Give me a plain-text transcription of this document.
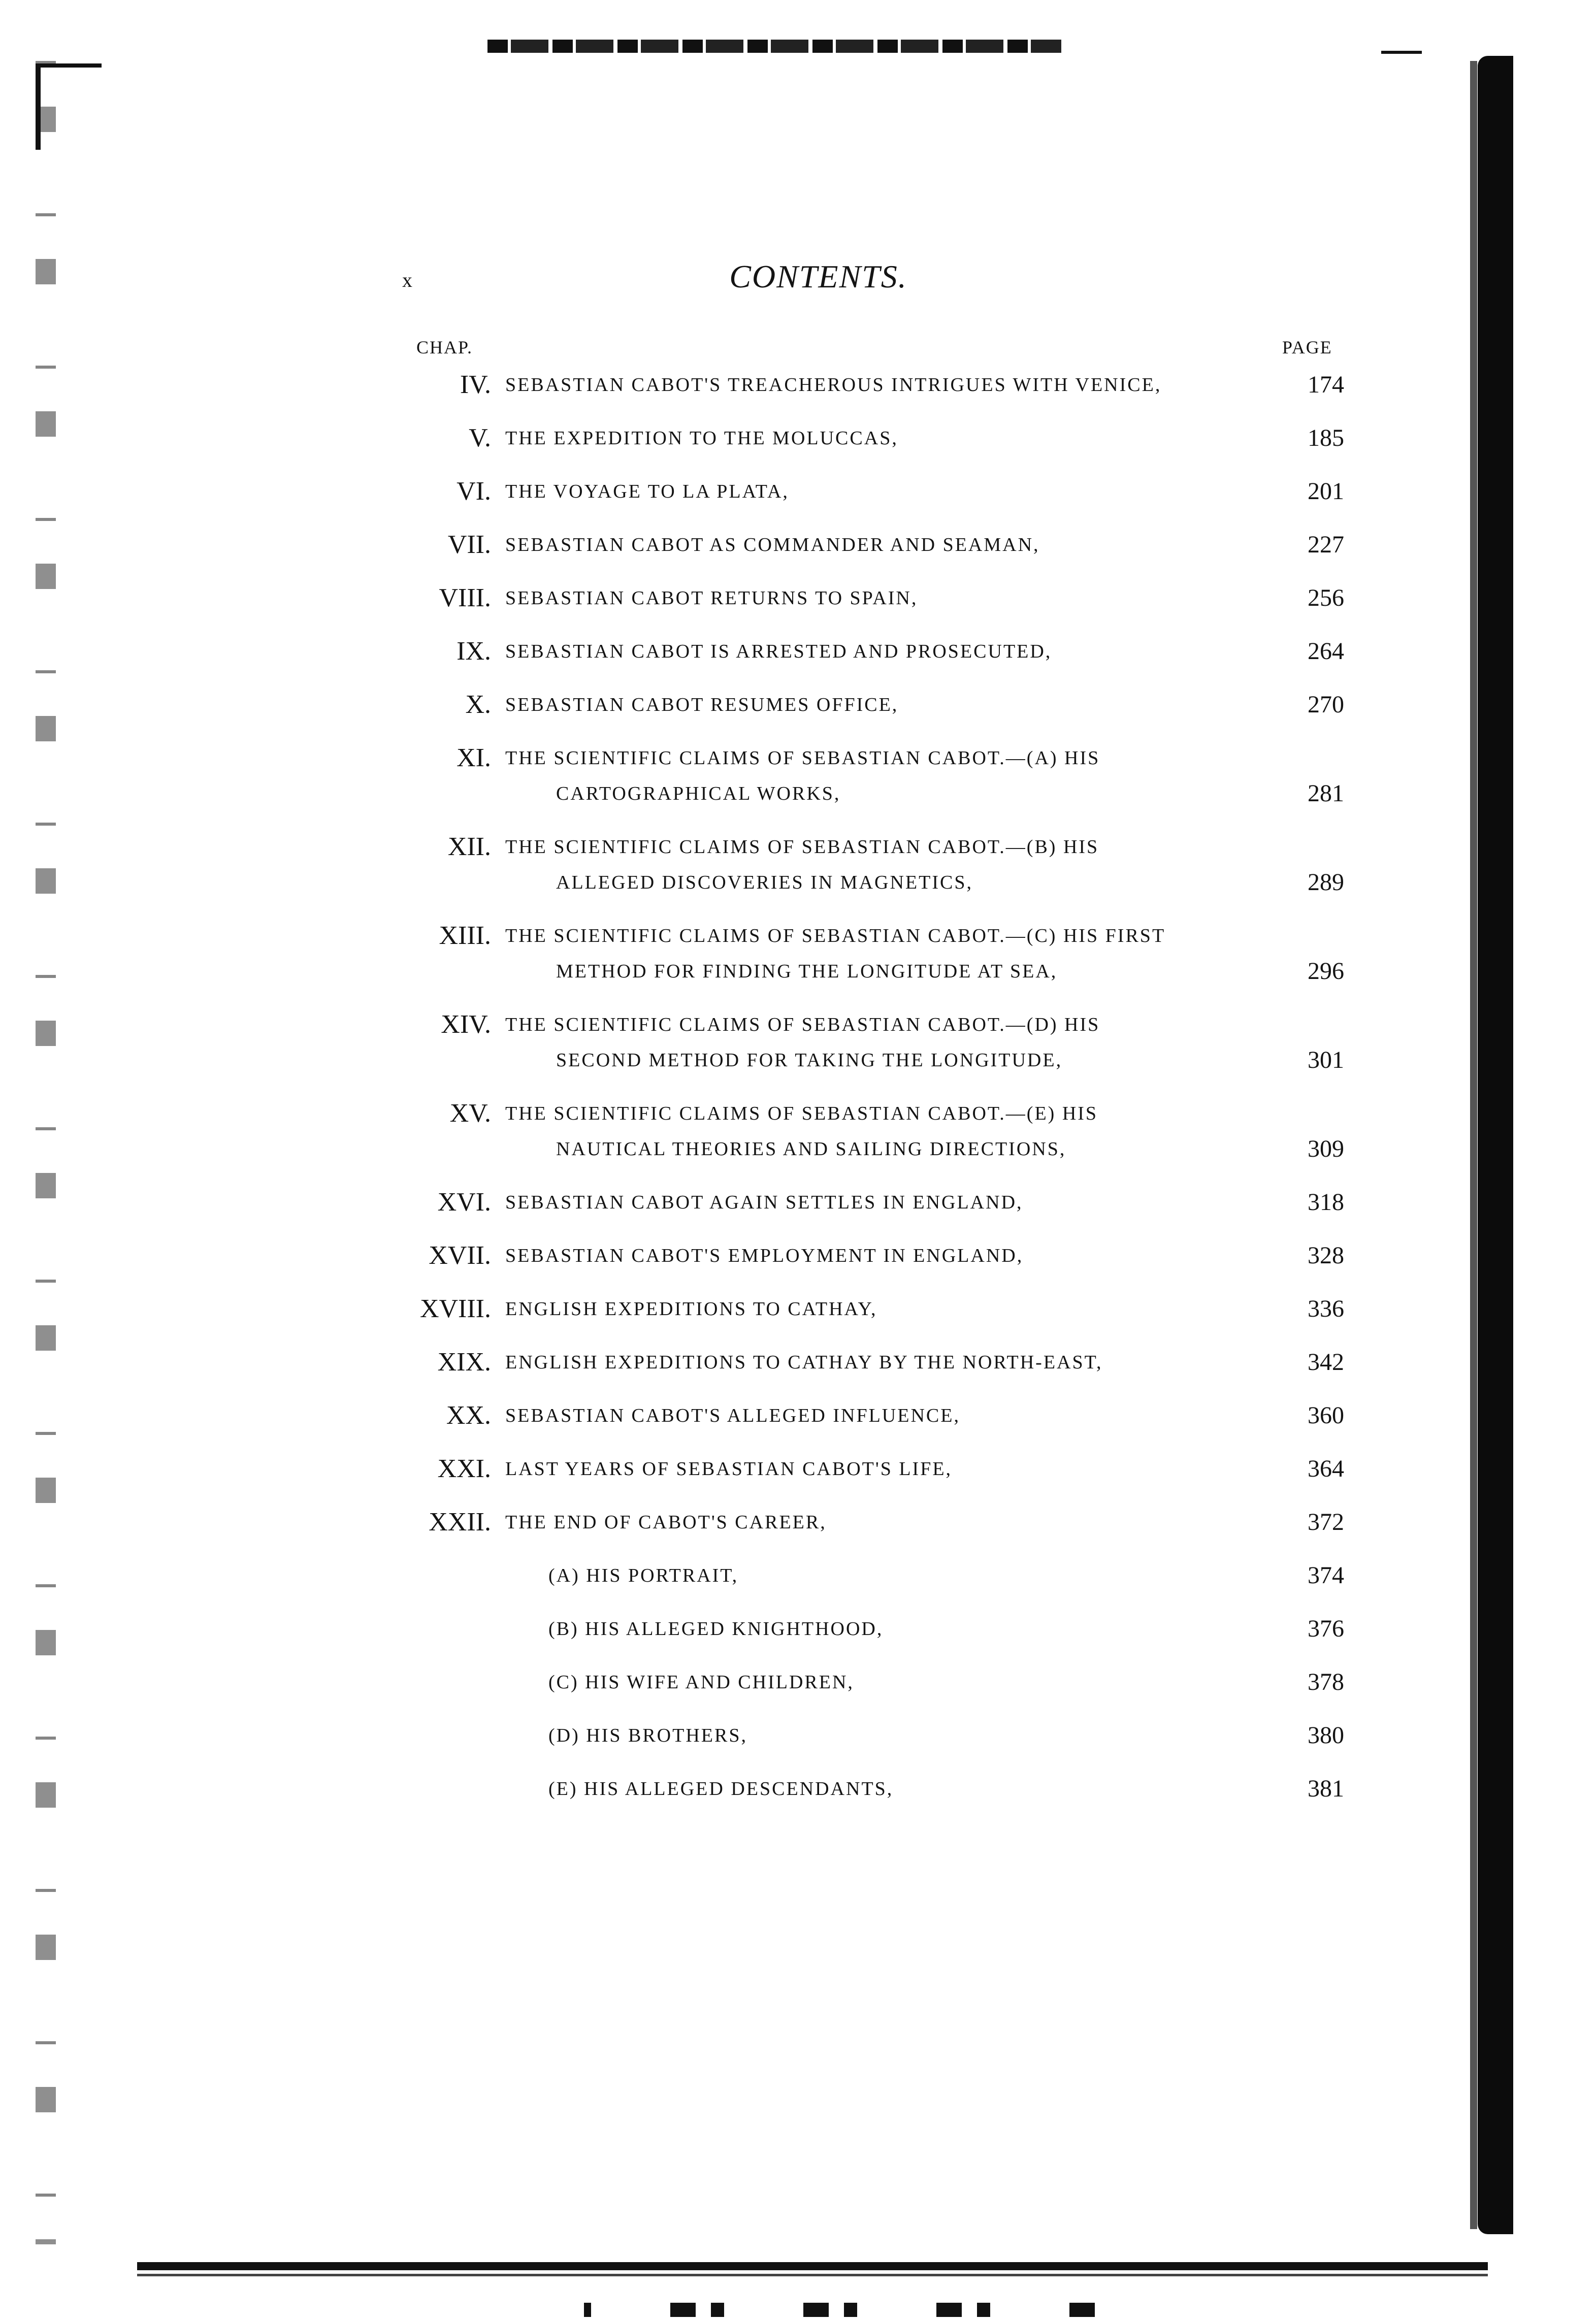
x	CONTENTS.
CHAP.	PAGE
IV. SEBASTIAN CABOT'S TREACHEROUS INTRIGUES WITH VENICE,	174
V. THE EXPEDITION TO THE MOLUCCAS,	185
VI. THE VOYAGE TO LA PLATA,	201
VII. SEBASTIAN CABOT AS COMMANDER AND SEAMAN,	227
VIII. SEBASTIAN CABOT RETURNS TO SPAIN,	256
IX. SEBASTIAN CABOT IS ARRESTED AND PROSECUTED,	264
X. SEBASTIAN CABOT RESUMES OFFICE,	270
XI. THE SCIENTIFIC CLAIMS OF SEBASTIAN CABOT.—(A) HIS
CARTOGRAPHICAL WORKS,	281
XII. THE SCIENTIFIC CLAIMS OF SEBASTIAN CABOT.—(B) HIS
ALLEGED DISCOVERIES IN MAGNETICS,	289
XIII. THE SCIENTIFIC CLAIMS OF SEBASTIAN CABOT.—(C) HIS FIRST
METHOD FOR FINDING THE LONGITUDE AT SEA,	296
XIV. THE SCIENTIFIC CLAIMS OF SEBASTIAN CABOT.—(D) HIS
SECOND METHOD FOR TAKING THE LONGITUDE,	301
XV. THE SCIENTIFIC CLAIMS OF SEBASTIAN CABOT.—(E) HIS
NAUTICAL THEORIES AND SAILING DIRECTIONS,	309
XVI. SEBASTIAN CABOT AGAIN SETTLES IN ENGLAND,	318
XVII. SEBASTIAN CABOT'S EMPLOYMENT IN ENGLAND,	328
XVIII. ENGLISH EXPEDITIONS TO CATHAY,	336
XIX. ENGLISH EXPEDITIONS TO CATHAY BY THE NORTH-EAST,	342
XX. SEBASTIAN CABOT'S ALLEGED INFLUENCE,	360
XXI. LAST YEARS OF SEBASTIAN CABOT'S LIFE,	364
XXII. THE END OF CABOT'S CAREER,	372
(A) HIS PORTRAIT,	374
(B) HIS ALLEGED KNIGHTHOOD,	376
(C) HIS WIFE AND CHILDREN,	378
(D) HIS BROTHERS,	380
(E) HIS ALLEGED DESCENDANTS,	381
